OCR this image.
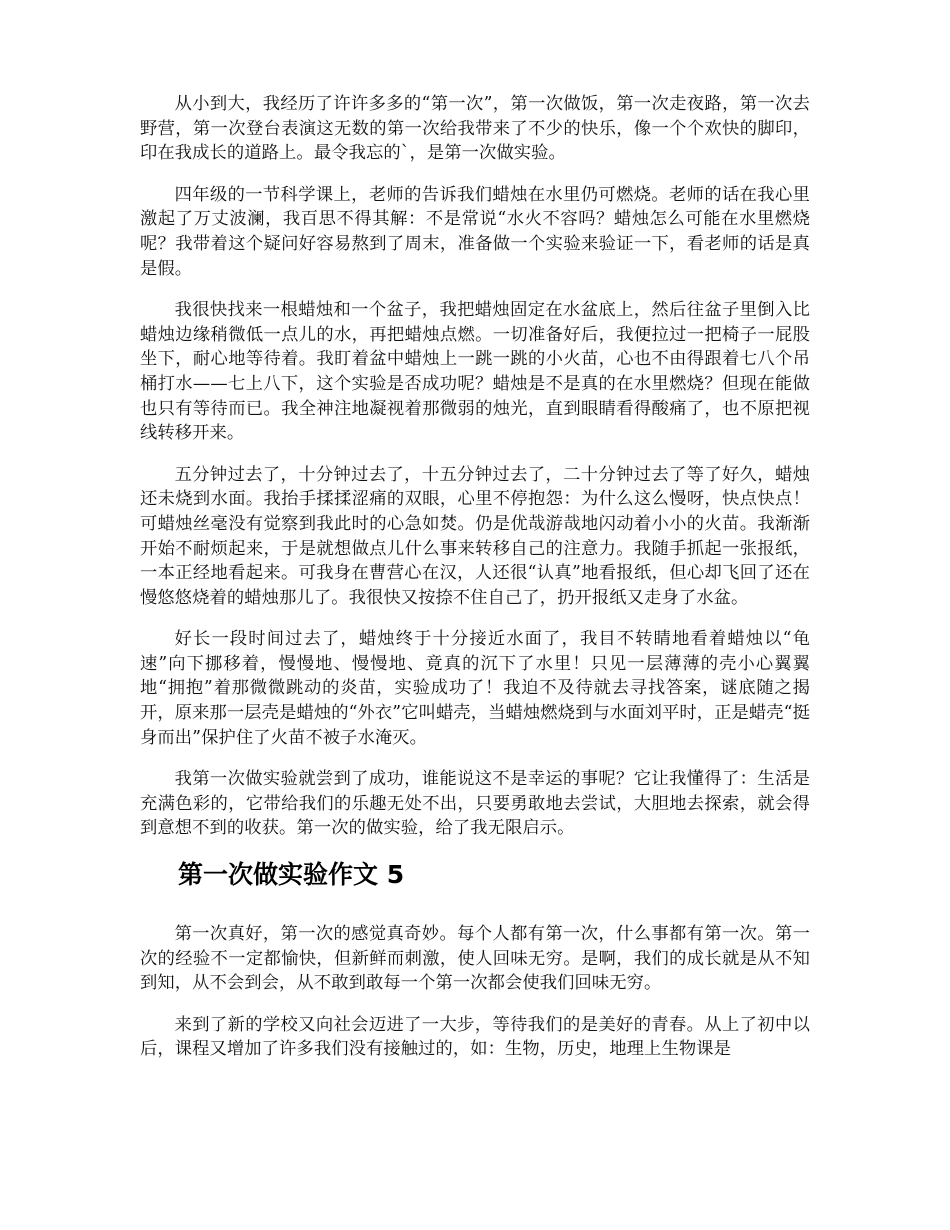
从小到大，我经历了许许多多的“第一次”，第一次做饭，第一次走夜路，第一次去野营，第一次登台表演这无数的第一次给我带来了不少的快乐，像一个个欢快的脚印，印在我成长的道路上。最令我忘的`，是第一次做实验。

四年级的一节科学课上，老师的告诉我们蜡烛在水里仍可燃烧。老师的话在我心里激起了万丈波澜，我百思不得其解：不是常说“水火不容吗？蜡烛怎么可能在水里燃烧呢？我带着这个疑问好容易熬到了周末，准备做一个实验来验证一下，看老师的话是真是假。

我很快找来一根蜡烛和一个盆子，我把蜡烛固定在水盆底上，然后往盆子里倒入比蜡烛边缘稍微低一点儿的水，再把蜡烛点燃。一切准备好后，我便拉过一把椅子一屁股坐下，耐心地等待着。我盯着盆中蜡烛上一跳一跳的小火苗，心也不由得跟着七八个吊桶打水——七上八下，这个实验是否成功呢？蜡烛是不是真的在水里燃烧？但现在能做也只有等待而已。我全神注地凝视着那微弱的烛光，直到眼睛看得酸痛了，也不原把视线转移开来。

五分钟过去了，十分钟过去了，十五分钟过去了，二十分钟过去了等了好久，蜡烛还未烧到水面。我抬手揉揉涩痛的双眼，心里不停抱怨：为什么这么慢呀，快点快点！可蜡烛丝毫没有觉察到我此时的心急如焚。仍是优哉游哉地闪动着小小的火苗。我渐渐开始不耐烦起来，于是就想做点儿什么事来转移自己的注意力。我随手抓起一张报纸，一本正经地看起来。可我身在曹营心在汉，人还很“认真”地看报纸，但心却飞回了还在慢悠悠烧着的蜡烛那儿了。我很快又按捺不住自己了，扔开报纸又走身了水盆。

好长一段时间过去了，蜡烛终于十分接近水面了，我目不转睛地看着蜡烛以“龟速”向下挪移着，慢慢地、慢慢地、竟真的沉下了水里！只见一层薄薄的壳小心翼翼地“拥抱”着那微微跳动的炎苗，实验成功了！我迫不及待就去寻找答案，谜底随之揭开，原来那一层壳是蜡烛的“外衣”它叫蜡壳，当蜡烛燃烧到与水面刘平时，正是蜡壳“挺身而出”保护住了火苗不被子水淹灭。

我第一次做实验就尝到了成功，谁能说这不是幸运的事呢？它让我懂得了：生活是充满色彩的，它带给我们的乐趣无处不出，只要勇敢地去尝试，大胆地去探索，就会得到意想不到的收获。第一次的做实验，给了我无限启示。

第一次做实验作文 5

第一次真好，第一次的感觉真奇妙。每个人都有第一次，什么事都有第一次。第一次的经验不一定都愉快，但新鲜而刺激，使人回味无穷。是啊，我们的成长就是从不知到知，从不会到会，从不敢到敢每一个第一次都会使我们回味无穷。

来到了新的学校又向社会迈进了一大步，等待我们的是美好的青春。从上了初中以后，课程又增加了许多我们没有接触过的，如：生物，历史，地理上生物课是
